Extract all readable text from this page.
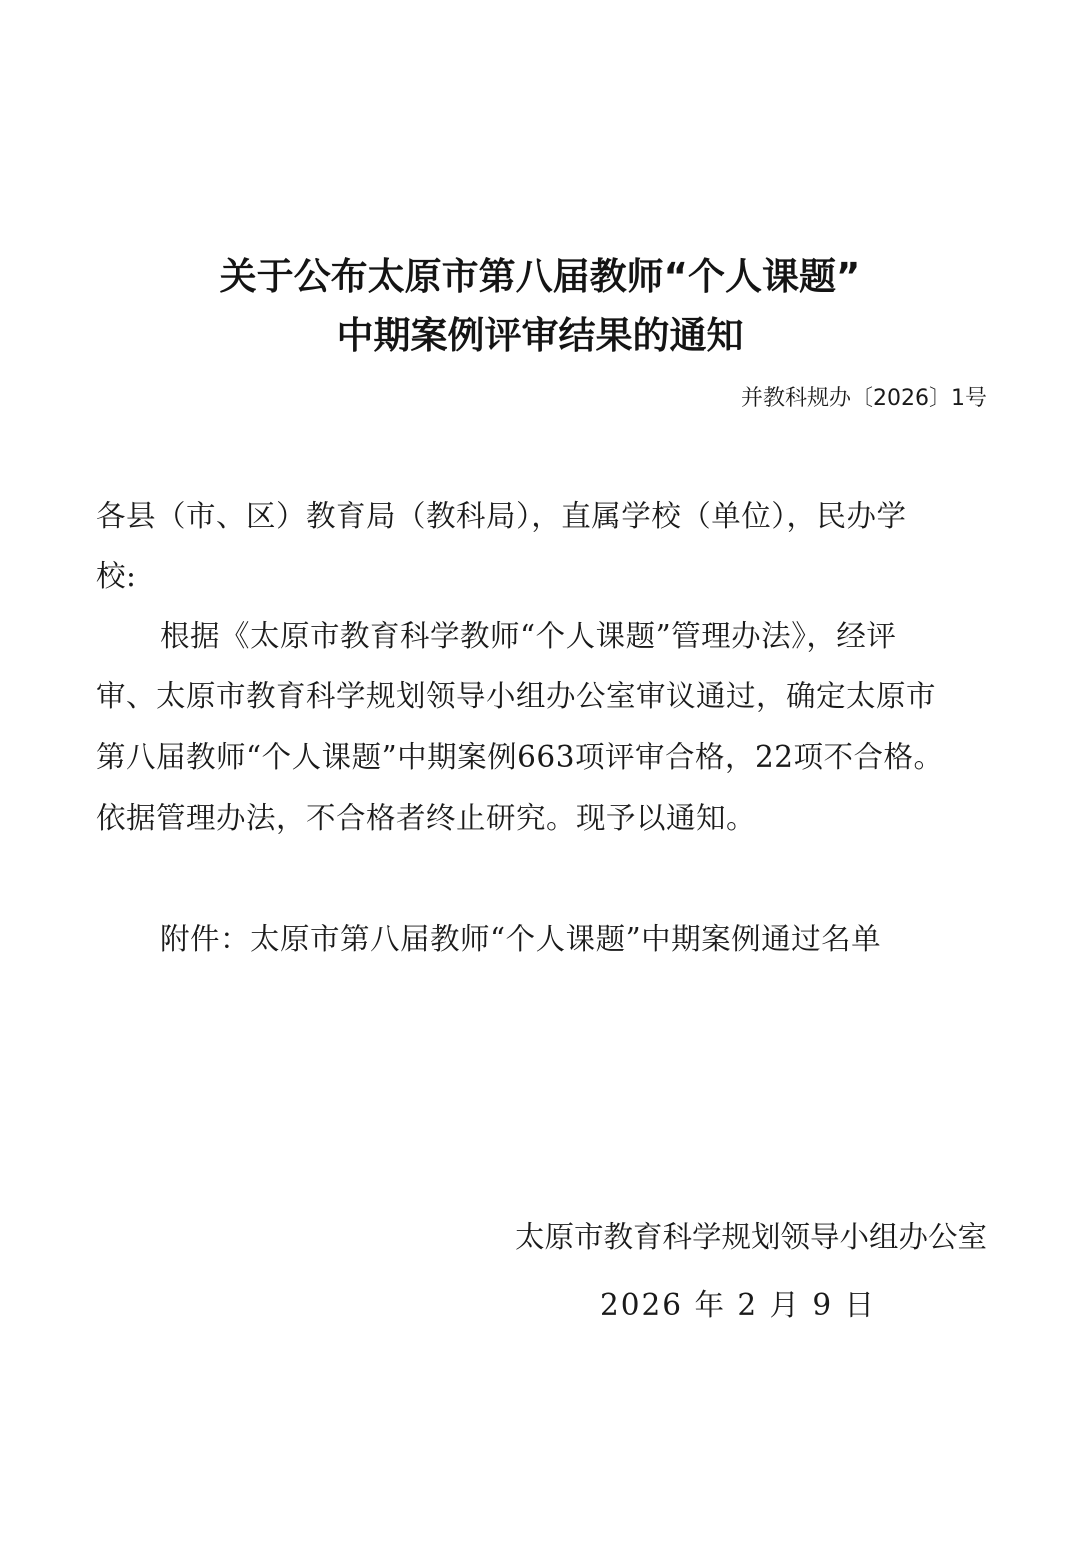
关于公布太原市第八届教师“个人课题”
中期案例评审结果的通知
并教科规办〔2026〕1号
各县（市、区）教育局（教科局），直属学校（单位），民办学
校:
根据《太原市教育科学教师“个人课题”管理办法》，经评
审、太原市教育科学规划领导小组办公室审议通过，确定太原市
第八届教师“个人课题”中期案例663项评审合格，22项不合格。
依据管理办法，不合格者终止研究。现予以通知。
附件：太原市第八届教师“个人课题”中期案例通过名单
太原市教育科学规划领导小组办公室
2026 年 2 月 9 日
